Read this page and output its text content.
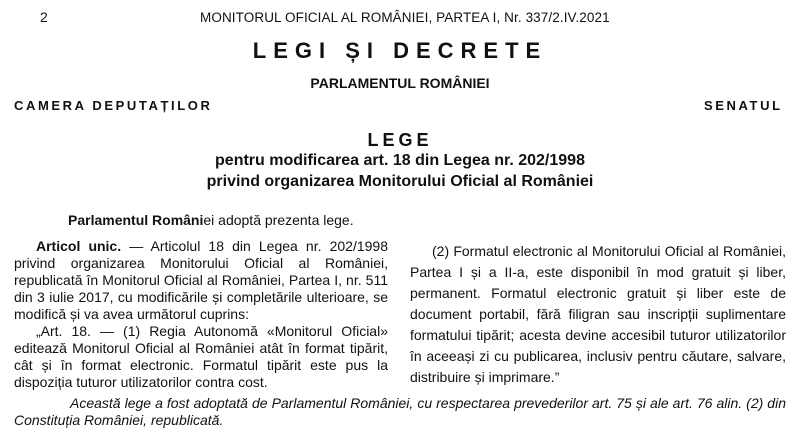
2	MONITORUL OFICIAL AL ROMÂNIEI, PARTEA I, Nr. 337/2.IV.2021
LEGI ȘI DECRETE
PARLAMENTUL ROMÂNIEI
CAMERA DEPUTAȚILOR	SENATUL
LEGE
pentru modificarea art. 18 din Legea nr. 202/1998
privind organizarea Monitorului Oficial al României
Parlamentul României adoptă prezenta lege.

Articol unic. — Articolul 18 din Legea nr. 202/1998 privind organizarea Monitorului Oficial al României, republicată în Monitorul Oficial al României, Partea I, nr. 511 din 3 iulie 2017, cu modificările și completările ulterioare, se modifică și va avea următorul cuprins:

„Art. 18. — (1) Regia Autonomă «Monitorul Oficial» editează Monitorul Oficial al României atât în format tipărit, cât și în format electronic. Formatul tipărit este pus la dispoziția tuturor utilizatorilor contra cost.

(2) Formatul electronic al Monitorului Oficial al României, Partea I și a II-a, este disponibil în mod gratuit și liber, permanent. Formatul electronic gratuit și liber este de document portabil, fără filigran sau inscripții suplimentare formatului tipărit; acesta devine accesibil tuturor utilizatorilor în aceeași zi cu publicarea, inclusiv pentru căutare, salvare, distribuire și imprimare.”

Această lege a fost adoptată de Parlamentul României, cu respectarea prevederilor art. 75 și ale art. 76 alin. (2) din Constituția României, republicată.
